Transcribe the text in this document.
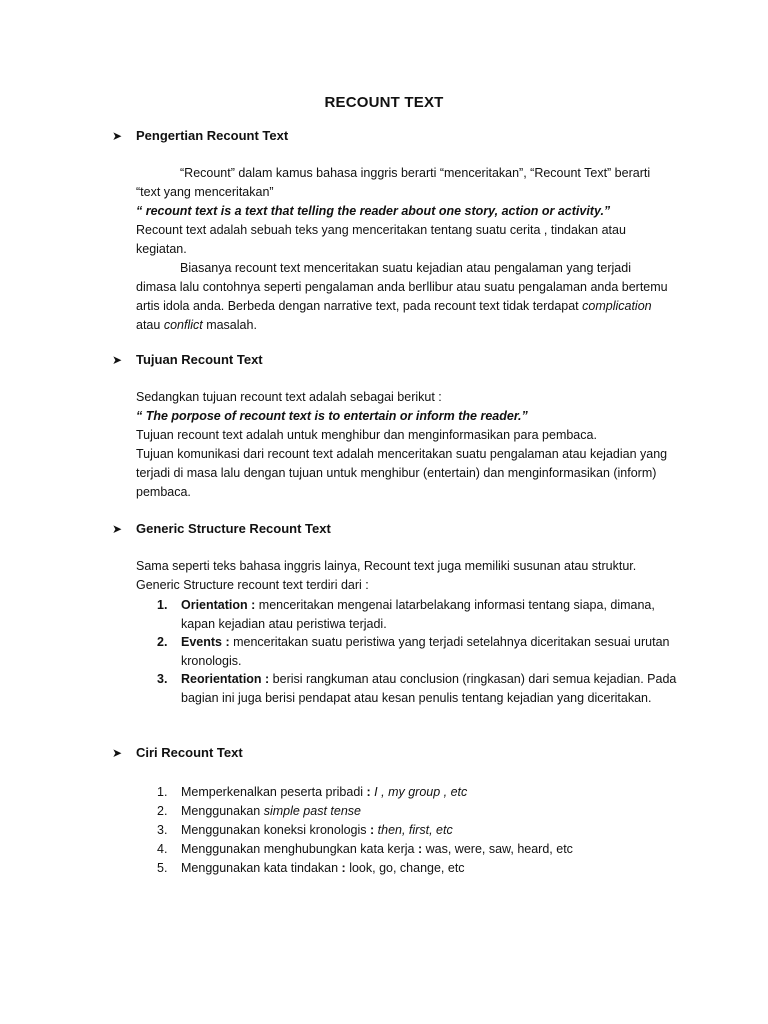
RECOUNT TEXT
➤	Pengertian Recount Text
“Recount” dalam kamus bahasa inggris berarti “menceritakan”, “Recount Text” berarti
“text yang menceritakan”
“ recount text is a text that telling the reader about one story, action or activity.”
Recount text adalah sebuah teks yang menceritakan tentang suatu cerita , tindakan atau
kegiatan.
Biasanya recount text menceritakan suatu kejadian atau pengalaman yang terjadi
dimasa lalu contohnya seperti pengalaman anda berllibur atau suatu pengalaman anda bertemu
artis idola anda. Berbeda dengan narrative text, pada recount text tidak terdapat complication
atau conflict masalah.
➤	Tujuan Recount Text
Sedangkan tujuan recount text adalah sebagai berikut :
“ The porpose of recount text is to entertain or inform the reader.”
Tujuan recount text adalah untuk menghibur dan menginformasikan para pembaca.
Tujuan komunikasi dari recount text adalah menceritakan suatu pengalaman atau kejadian yang
terjadi di masa lalu dengan tujuan untuk menghibur (entertain) dan menginformasikan (inform)
pembaca.
➤	Generic Structure Recount Text
Sama seperti teks bahasa inggris lainya, Recount text juga memiliki susunan atau struktur.
Generic Structure recount text terdiri dari :
1. Orientation : menceritakan mengenai latarbelakang informasi tentang siapa, dimana, kapan kejadian atau peristiwa terjadi.
2. Events : menceritakan suatu peristiwa yang terjadi setelahnya diceritakan sesuai urutan kronologis.
3. Reorientation : berisi rangkuman atau conclusion (ringkasan) dari semua kejadian. Pada bagian ini juga berisi pendapat atau kesan penulis tentang kejadian yang diceritakan.
➤	Ciri Recount Text
1. Memperkenalkan peserta pribadi : I , my group , etc
2. Menggunakan simple past tense
3. Menggunakan koneksi kronologis : then, first, etc
4. Menggunakan menghubungkan kata kerja : was, were, saw, heard, etc
5. Menggunakan kata tindakan : look, go, change, etc
